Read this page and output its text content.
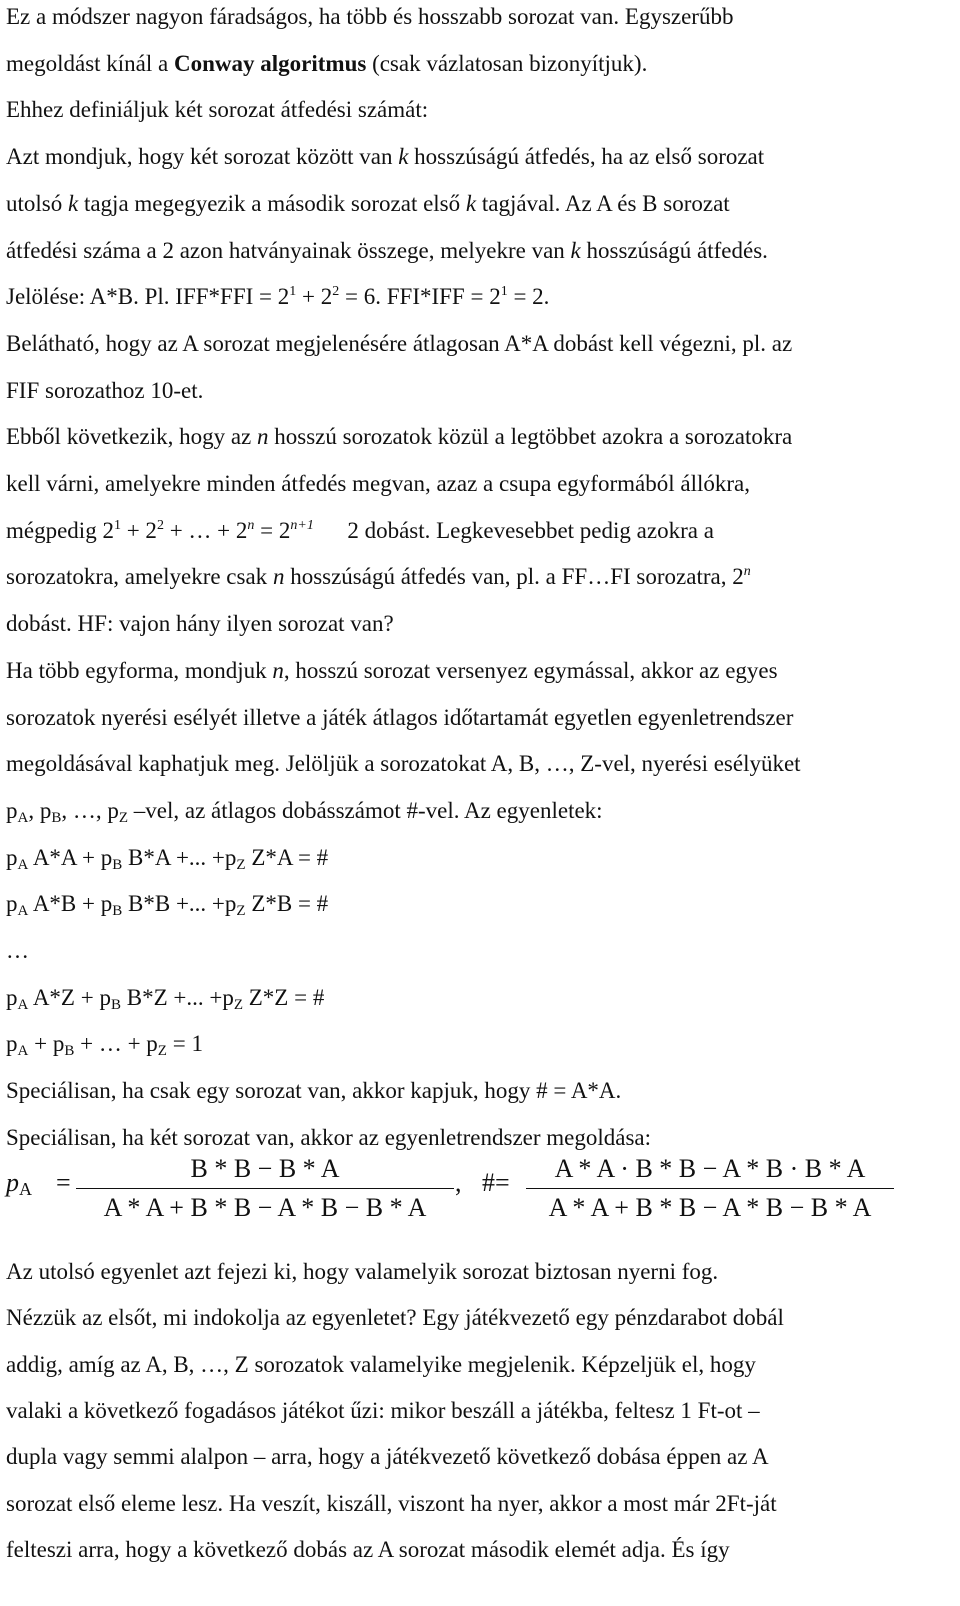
Ez a módszer nagyon fáradságos, ha több és hosszabb sorozat van. Egyszerűbb
megoldást kínál a Conway algoritmus (csak vázlatosan bizonyítjuk).
Ehhez definiáljuk két sorozat átfedési számát:
Azt mondjuk, hogy két sorozat között van k hosszúságú átfedés, ha az első sorozat
utolsó k tagja megegyezik a második sorozat első k tagjával. Az A és B sorozat
átfedési száma a 2 azon hatványainak összege, melyekre van k hosszúságú átfedés.
Jelölése: A*B. Pl. $IFF*FFI = 2^1 + 2^2 = 6$. $FFI*IFF = 2^1 = 2$.
Belátható, hogy az A sorozat megjelenésére átlagosan A*A dobást kell végezni, pl. az
FIF sorozathoz 10-et.
Ebből következik, hogy az n hosszú sorozatok közül a legtöbbet azokra a sorozatokra
kell várni, amelyekre minden átfedés megvan, azaz a csupa egyformából állókra,
mégpedig $2^1 + 2^2$ + … + $2^n = 2^{n+1}$  2 dobást. Legkevesebbet pedig azokra a
sorozatokra, amelyekre csak n hosszúságú átfedés van, pl. a FF…FI sorozatra, 2$^n$
dobást. HF: vajon hány ilyen sorozat van?
Ha több egyforma, mondjuk n, hosszú sorozat versenyez egymással, akkor az egyes
sorozatok nyerési esélyét illetve a játék átlagos időtartamát egyetlen egyenletrendszer
megoldásával kaphatjuk meg. Jelöljük a sorozatokat A, B, …, Z-vel, nyerési esélyüket
$p_A$, $p_B$, …, $p_Z$ –vel, az átlagos dobásszámot #-vel. Az egyenletek:
$p_A$ $A*A + p_B$ B*A +... $+p_Z$ Z*A = #
$p_A$ $A*B + p_B$ B*B +... $+p_Z$ Z*B = #
…
$p_A$ $A*Z + p_B$ B*Z +... $+p_Z$ Z*Z = #
$p_A + p_B$ + … + $p_Z = 1$
Speciálisan, ha csak egy sorozat van, akkor kapjuk, hogy # = A*A.
Speciálisan, ha két sorozat van, akkor az egyenletrendszer megoldása:
$p_A$ =	B * B − B * A
A * A + B * B − A * B − B * A
, #=	A * A · B * B − A * B · B * A
A * A + B * B − A * B − B * A
Az utolsó egyenlet azt fejezi ki, hogy valamelyik sorozat biztosan nyerni fog.
Nézzük az elsőt, mi indokolja az egyenletet? Egy játékvezető egy pénzdarabot dobál
addig, amíg az A, B, …, Z sorozatok valamelyike megjelenik. Képzeljük el, hogy
valaki a következő fogadásos játékot űzi: mikor beszáll a játékba, feltesz 1 Ft-ot –
dupla vagy semmi alalpon – arra, hogy a játékvezető következő dobása éppen az A
sorozat első eleme lesz. Ha veszít, kiszáll, viszont ha nyer, akkor a most már 2Ft-ját
felteszi arra, hogy a következő dobás az A sorozat második elemét adja. És így
